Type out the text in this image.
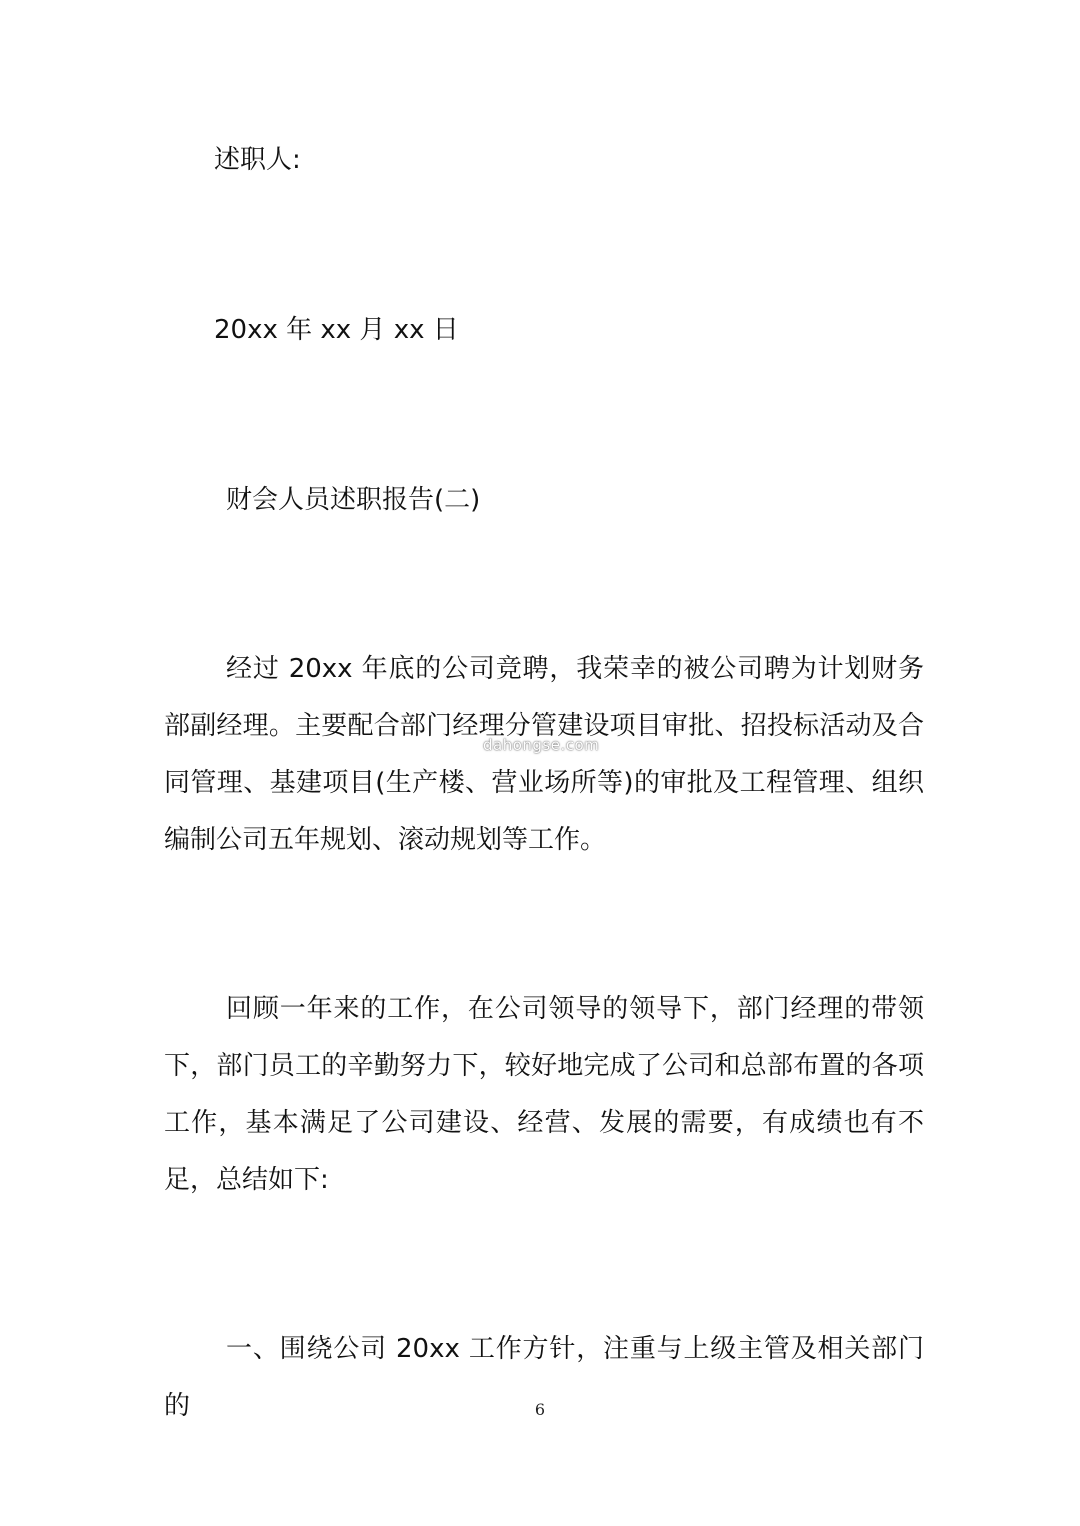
述职人:
20xx 年 xx 月 xx 日
财会人员述职报告(二)

经过 20xx 年底的公司竞聘，我荣幸的被公司聘为计划财务部副经理。主要配合部门经理分管建设项目审批、招投标活动及合同管理、基建项目(生产楼、营业场所等)的审批及工程管理、组织编制公司五年规划、滚动规划等工作。

回顾一年来的工作，在公司领导的领导下，部门经理的带领下，部门员工的辛勤努力下，较好地完成了公司和总部布置的各项工作，基本满足了公司建设、经营、发展的需要，有成绩也有不足，总结如下:

一、围绕公司 20xx 工作方针，注重与上级主管及相关部门的

dahongse.com
6
